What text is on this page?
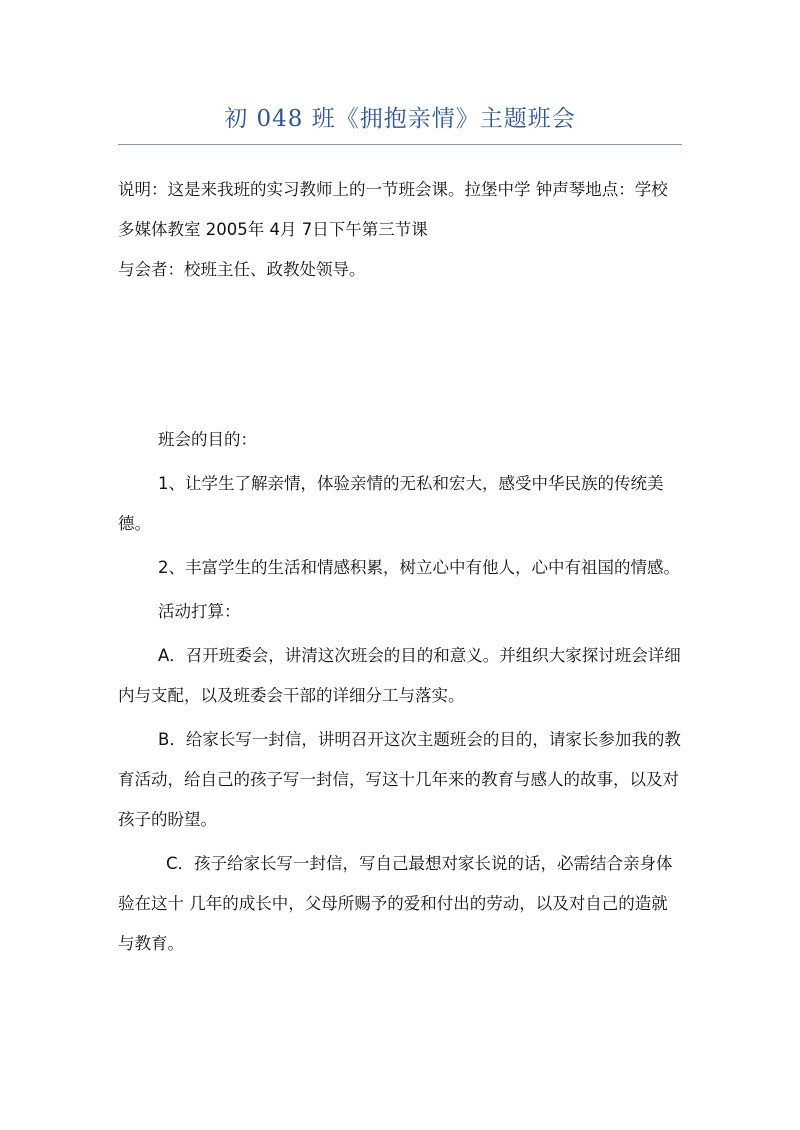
初 048 班《拥抱亲情》主题班会

说明：这是来我班的实习教师上的一节班会课。拉堡中学 钟声琴地点：学校多媒体教室 2005年 4月 7日下午第三节课

与会者：校班主任、政教处领导。

班会的目的：

1、让学生了解亲情，体验亲情的无私和宏大，感受中华民族的传统美德。

2、丰富学生的生活和情感积累，树立心中有他人，心中有祖国的情感。

活动打算：

A．召开班委会，讲清这次班会的目的和意义。并组织大家探讨班会详细内与支配，以及班委会干部的详细分工与落实。

B．给家长写一封信，讲明召开这次主题班会的目的，请家长参加我的教育活动，给自己的孩子写一封信，写这十几年来的教育与感人的故事，以及对孩子的盼望。

C．孩子给家长写一封信，写自己最想对家长说的话，必需结合亲身体验在这十 几年的成长中，父母所赐予的爱和付出的劳动，以及对自己的造就与教育。
